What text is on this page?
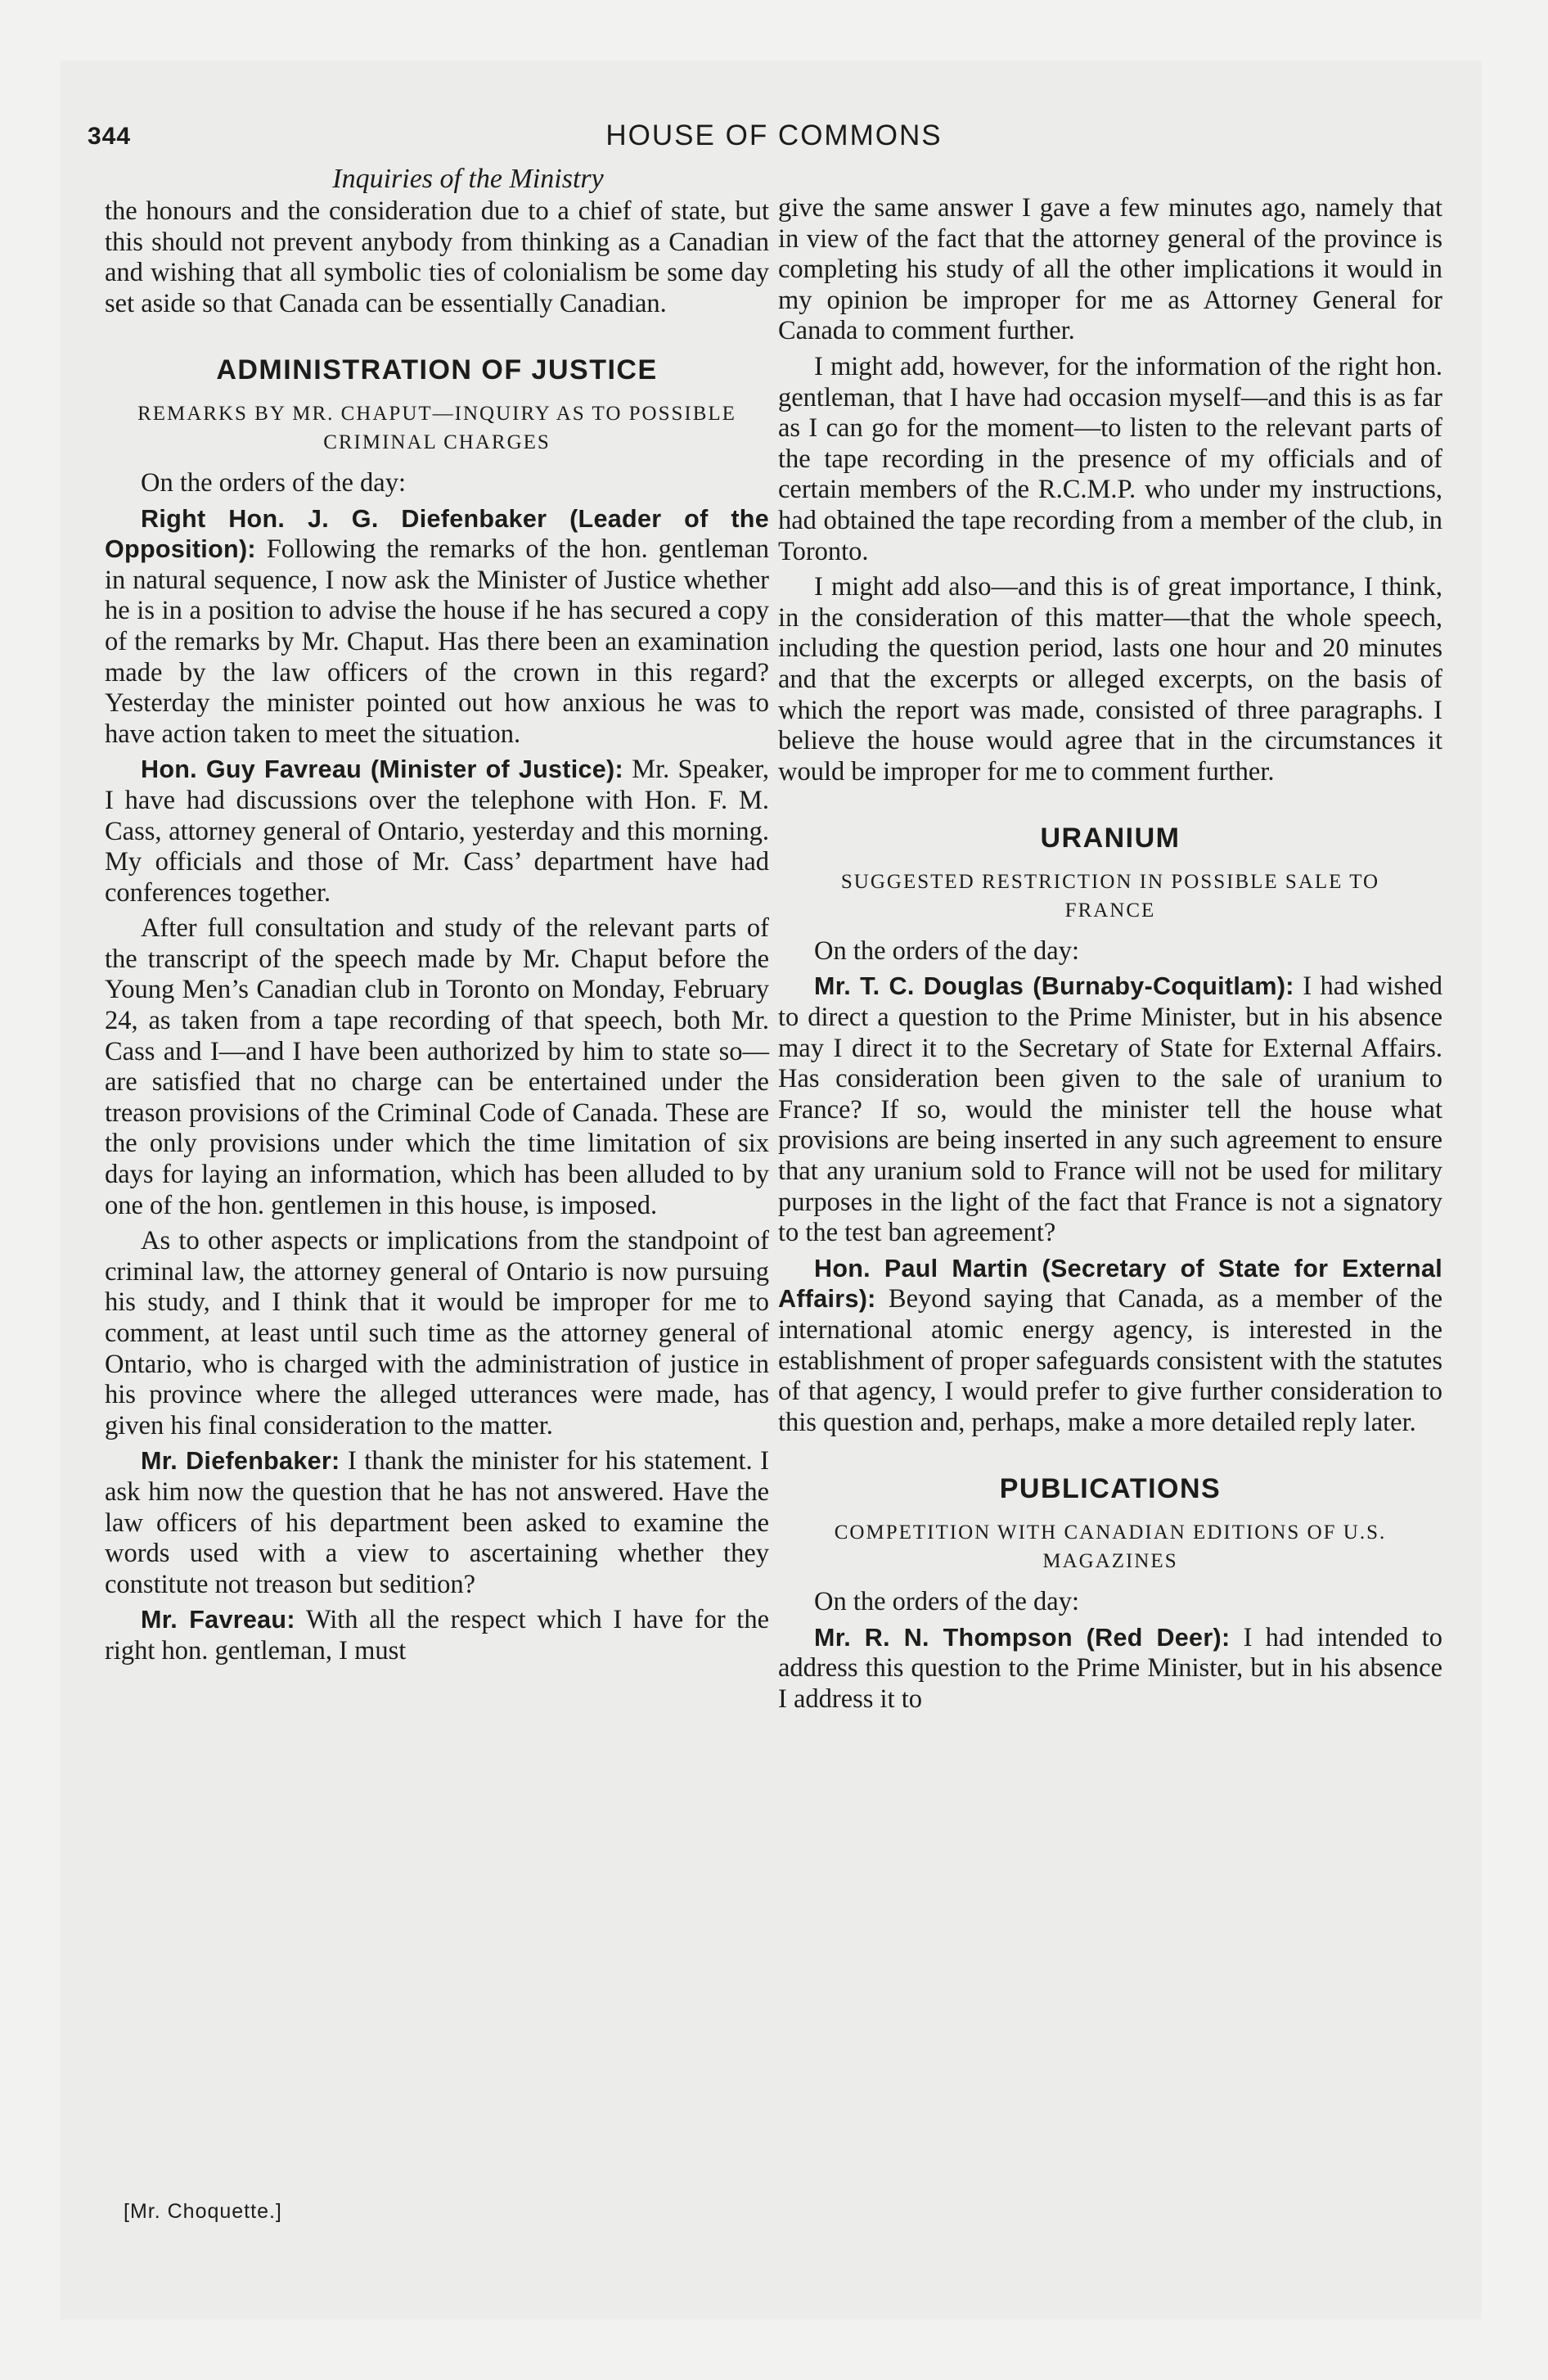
344	HOUSE OF COMMONS
Inquiries of the Ministry

the honours and the consideration due to a chief of state, but this should not prevent anybody from thinking as a Canadian and wishing that all symbolic ties of colonialism be some day set aside so that Canada can be essentially Canadian.

ADMINISTRATION OF JUSTICE
REMARKS BY MR. CHAPUT—INQUIRY AS TO POSSIBLE CRIMINAL CHARGES

On the orders of the day:

Right Hon. J. G. Diefenbaker (Leader of the Opposition): Following the remarks of the hon. gentleman in natural sequence, I now ask the Minister of Justice whether he is in a position to advise the house if he has secured a copy of the remarks by Mr. Chaput. Has there been an examination made by the law officers of the crown in this regard? Yesterday the minister pointed out how anxious he was to have action taken to meet the situation.

Hon. Guy Favreau (Minister of Justice): Mr. Speaker, I have had discussions over the telephone with Hon. F. M. Cass, attorney general of Ontario, yesterday and this morning. My officials and those of Mr. Cass’ department have had conferences together.

After full consultation and study of the relevant parts of the transcript of the speech made by Mr. Chaput before the Young Men’s Canadian club in Toronto on Monday, February 24, as taken from a tape recording of that speech, both Mr. Cass and I—and I have been authorized by him to state so—are satisfied that no charge can be entertained under the treason provisions of the Criminal Code of Canada. These are the only provisions under which the time limitation of six days for laying an information, which has been alluded to by one of the hon. gentlemen in this house, is imposed.

As to other aspects or implications from the standpoint of criminal law, the attorney general of Ontario is now pursuing his study, and I think that it would be improper for me to comment, at least until such time as the attorney general of Ontario, who is charged with the administration of justice in his province where the alleged utterances were made, has given his final consideration to the matter.

Mr. Diefenbaker: I thank the minister for his statement. I ask him now the question that he has not answered. Have the law officers of his department been asked to examine the words used with a view to ascertaining whether they constitute not treason but sedition?

Mr. Favreau: With all the respect which I have for the right hon. gentleman, I must

give the same answer I gave a few minutes ago, namely that in view of the fact that the attorney general of the province is completing his study of all the other implications it would in my opinion be improper for me as Attorney General for Canada to comment further.

I might add, however, for the information of the right hon. gentleman, that I have had occasion myself—and this is as far as I can go for the moment—to listen to the relevant parts of the tape recording in the presence of my officials and of certain members of the R.C.M.P. who under my instructions, had obtained the tape recording from a member of the club, in Toronto.

I might add also—and this is of great importance, I think, in the consideration of this matter—that the whole speech, including the question period, lasts one hour and 20 minutes and that the excerpts or alleged excerpts, on the basis of which the report was made, consisted of three paragraphs. I believe the house would agree that in the circumstances it would be improper for me to comment further.

URANIUM
SUGGESTED RESTRICTION IN POSSIBLE SALE TO FRANCE

On the orders of the day:

Mr. T. C. Douglas (Burnaby-Coquitlam): I had wished to direct a question to the Prime Minister, but in his absence may I direct it to the Secretary of State for External Affairs. Has consideration been given to the sale of uranium to France? If so, would the minister tell the house what provisions are being inserted in any such agreement to ensure that any uranium sold to France will not be used for military purposes in the light of the fact that France is not a signatory to the test ban agreement?

Hon. Paul Martin (Secretary of State for External Affairs): Beyond saying that Canada, as a member of the international atomic energy agency, is interested in the establishment of proper safeguards consistent with the statutes of that agency, I would prefer to give further consideration to this question and, perhaps, make a more detailed reply later.

PUBLICATIONS
COMPETITION WITH CANADIAN EDITIONS OF U.S. MAGAZINES

On the orders of the day:

Mr. R. N. Thompson (Red Deer): I had intended to address this question to the Prime Minister, but in his absence I address it to

[Mr. Choquette.]
